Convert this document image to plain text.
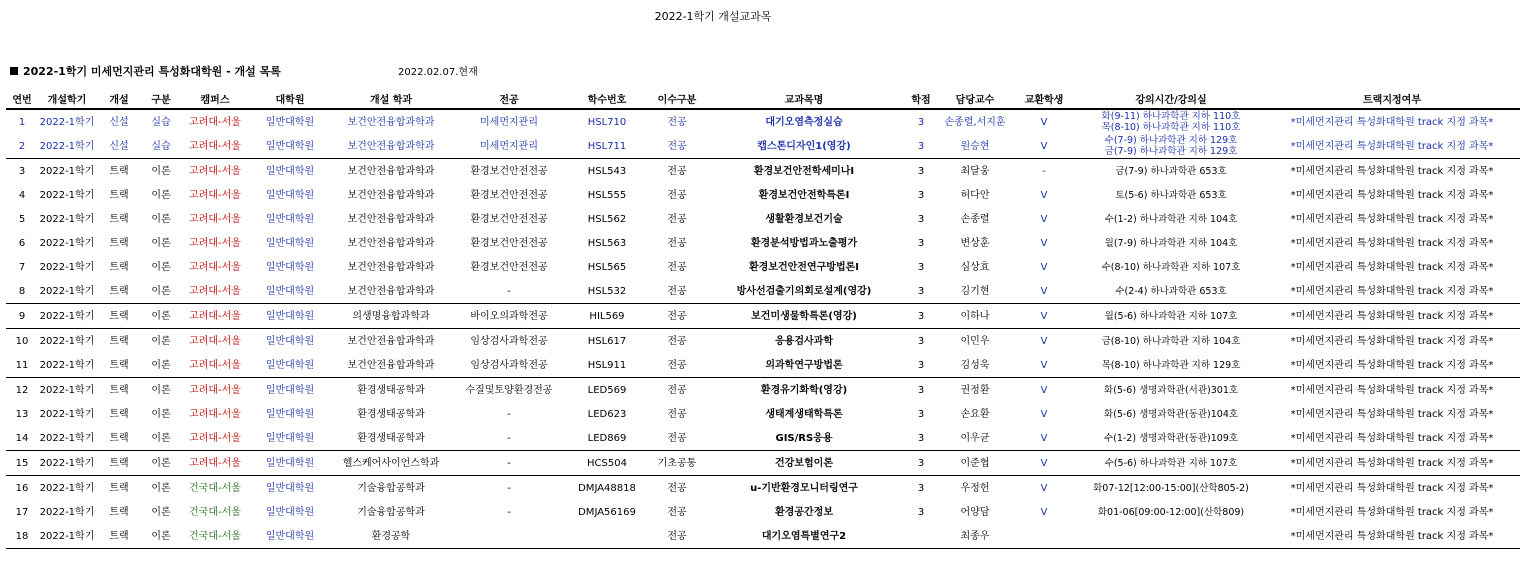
2022-1학기 개설교과목
2022-1학기 미세먼지관리 특성화대학원 - 개설 목록	2022.02.07.현재
연번	개설학기	개설	구분	캠퍼스	대학원	개설 학과	전공	학수번호	이수구분	교과목명	학점	담당교수	교환학생	강의시간/강의실	트랙지정여부
1	2022-1학기	신설	실습	고려대-서울	일반대학원	보건안전융합과학과	미세먼지관리	HSL710	전공	대기오염측정실습	3	손종렬,서지훈	V	화(9-11) 하나과학관 지하 110호
목(8-10) 하나과학관 지하 110호	*미세먼지관리 특성화대학원 track 지정 과목*
2	2022-1학기	신설	실습	고려대-서울	일반대학원	보건안전융합과학과	미세먼지관리	HSL711	전공	캡스톤디자인1(영강)	3	원승현	V	수(7-9) 하나과학관 지하 129호
금(7-9) 하나과학관 지하 129호	*미세먼지관리 특성화대학원 track 지정 과목*
3	2022-1학기	트랙	이론	고려대-서울	일반대학원	보건안전융합과학과	환경보건안전전공	HSL543	전공	환경보건안전학세미나Ⅰ	3	최달웅	-	금(7-9) 하나과학관 653호	*미세먼지관리 특성화대학원 track 지정 과목*
4	2022-1학기	트랙	이론	고려대-서울	일반대학원	보건안전융합과학과	환경보건안전전공	HSL555	전공	환경보건안전학특론Ⅰ	3	허다안	V	토(5-6) 하나과학관 653호	*미세먼지관리 특성화대학원 track 지정 과목*
5	2022-1학기	트랙	이론	고려대-서울	일반대학원	보건안전융합과학과	환경보건안전전공	HSL562	전공	생활환경보건기술	3	손종렬	V	수(1-2) 하나과학관 지하 104호	*미세먼지관리 특성화대학원 track 지정 과목*
6	2022-1학기	트랙	이론	고려대-서울	일반대학원	보건안전융합과학과	환경보건안전전공	HSL563	전공	환경분석방법과노출평가	3	변상훈	V	월(7-9) 하나과학관 지하 104호	*미세먼지관리 특성화대학원 track 지정 과목*
7	2022-1학기	트랙	이론	고려대-서울	일반대학원	보건안전융합과학과	환경보건안전전공	HSL565	전공	환경보건안전연구방법론Ⅰ	3	심상효	V	수(8-10) 하나과학관 지하 107호	*미세먼지관리 특성화대학원 track 지정 과목*
8	2022-1학기	트랙	이론	고려대-서울	일반대학원	보건안전융합과학과	-	HSL532	전공	방사선검출기의회로설계(영강)	3	김기현	V	수(2-4) 하나과학관 653호	*미세먼지관리 특성화대학원 track 지정 과목*
9	2022-1학기	트랙	이론	고려대-서울	일반대학원	의생명융합과학과	바이오의과학전공	HIL569	전공	보건미생물학특론(영강)	3	이하나	V	월(5-6) 하나과학관 지하 107호	*미세먼지관리 특성화대학원 track 지정 과목*
10	2022-1학기	트랙	이론	고려대-서울	일반대학원	보건안전융합과학과	임상검사과학전공	HSL617	전공	응용검사과학	3	이민우	V	금(8-10) 하나과학관 지하 104호	*미세먼지관리 특성화대학원 track 지정 과목*
11	2022-1학기	트랙	이론	고려대-서울	일반대학원	보건안전융합과학과	임상검사과학전공	HSL911	전공	의과학연구방법론	3	김성욱	V	목(8-10) 하나과학관 지하 129호	*미세먼지관리 특성화대학원 track 지정 과목*
12	2022-1학기	트랙	이론	고려대-서울	일반대학원	환경생태공학과	수질및토양환경전공	LED569	전공	환경유기화학(영강)	3	권정환	V	화(5-6) 생명과학관(서관)301호	*미세먼지관리 특성화대학원 track 지정 과목*
13	2022-1학기	트랙	이론	고려대-서울	일반대학원	환경생태공학과	-	LED623	전공	생태계생태학특론	3	손요환	V	화(5-6) 생명과학관(동관)104호	*미세먼지관리 특성화대학원 track 지정 과목*
14	2022-1학기	트랙	이론	고려대-서울	일반대학원	환경생태공학과	-	LED869	전공	GIS/RS응용	3	이우균	V	수(1-2) 생명과학관(동관)109호	*미세먼지관리 특성화대학원 track 지정 과목*
15	2022-1학기	트랙	이론	고려대-서울	일반대학원	헬스케어사이언스학과	-	HCS504	기초공통	건강보험이론	3	이준협	V	수(5-6) 하나과학관 지하 107호	*미세먼지관리 특성화대학원 track 지정 과목*
16	2022-1학기	트랙	이론	건국대-서울	일반대학원	기술융합공학과	-	DMJA48818	전공	u-기반환경모니터링연구	3	우정헌	V	화07-12[12:00-15:00](산학805-2)	*미세먼지관리 특성화대학원 track 지정 과목*
17	2022-1학기	트랙	이론	건국대-서울	일반대학원	기술융합공학과	-	DMJA56169	전공	환경공간정보	3	어양담	V	화01-06[09:00-12:00](산학809)	*미세먼지관리 특성화대학원 track 지정 과목*
18	2022-1학기	트랙	이론	건국대-서울	일반대학원	환경공학			전공	대기오염특별연구2		최종우			*미세먼지관리 특성화대학원 track 지정 과목*
